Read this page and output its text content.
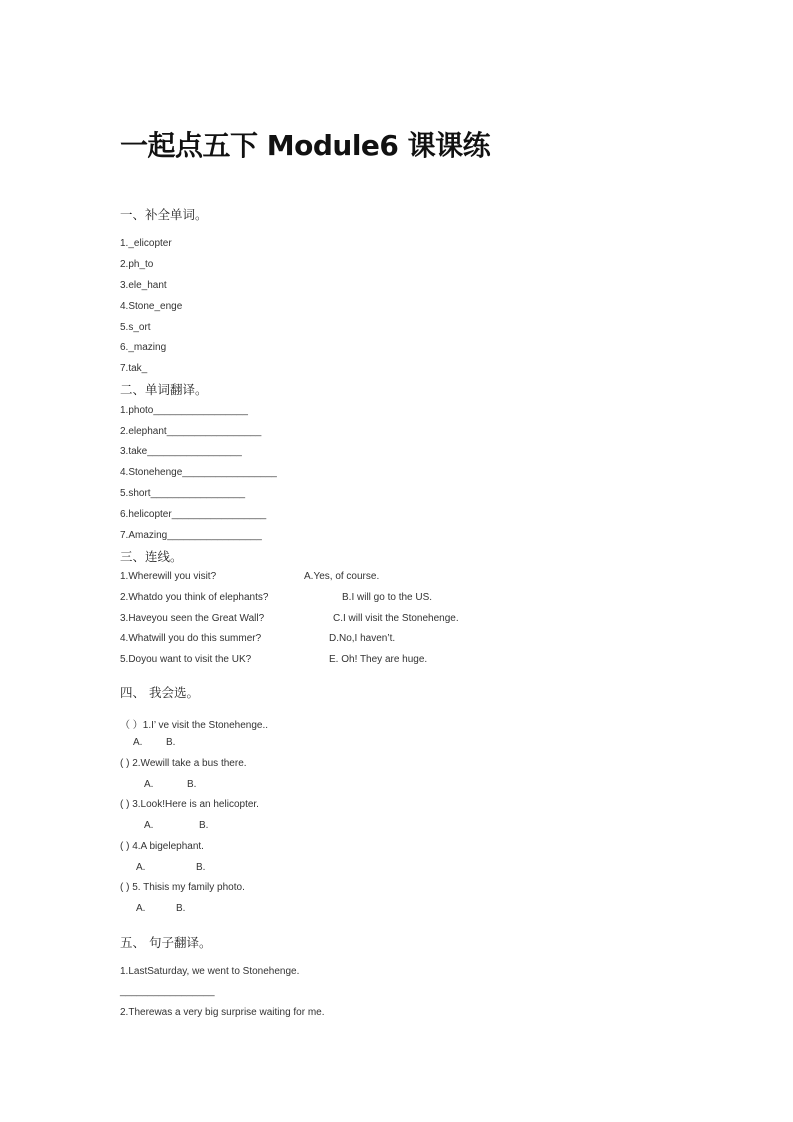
一起点五下 Module6 课课练
一、补全单词。
1._elicopter
2.ph_to
3.ele_hant
4.Stone_enge
5.s_ort
6._mazing
7.tak_
二、单词翻译。
1.photo_________________
2.elephant_________________
3.take_________________
4.Stonehenge_________________
5.short_________________
6.helicopter_________________
7.Amazing_________________
三、连线。
1.Wherewill you visit?	A.Yes, of course.
2.Whatdo you think of elephants?	B.I will go to the US.
3.Haveyou seen the Great Wall?	C.I will visit the Stonehenge.
4.Whatwill you do this summer?	D.No,I haven’t.
5.Doyou want to visit the UK?	E. Oh! They are huge.
四、 我会选。
（ ）1.I’ ve visit the Stonehenge..
A. B.
( ) 2.Wewill take a bus there.
A.	B.
( ) 3.Look!Here is an helicopter.
A.	B.
( ) 4.A bigelephant.
A.	B.
( ) 5. Thisis my family photo.
A.	B.
五、 句子翻译。
1.LastSaturday, we went to Stonehenge.
_________________
2.Therewas a very big surprise waiting for me.
